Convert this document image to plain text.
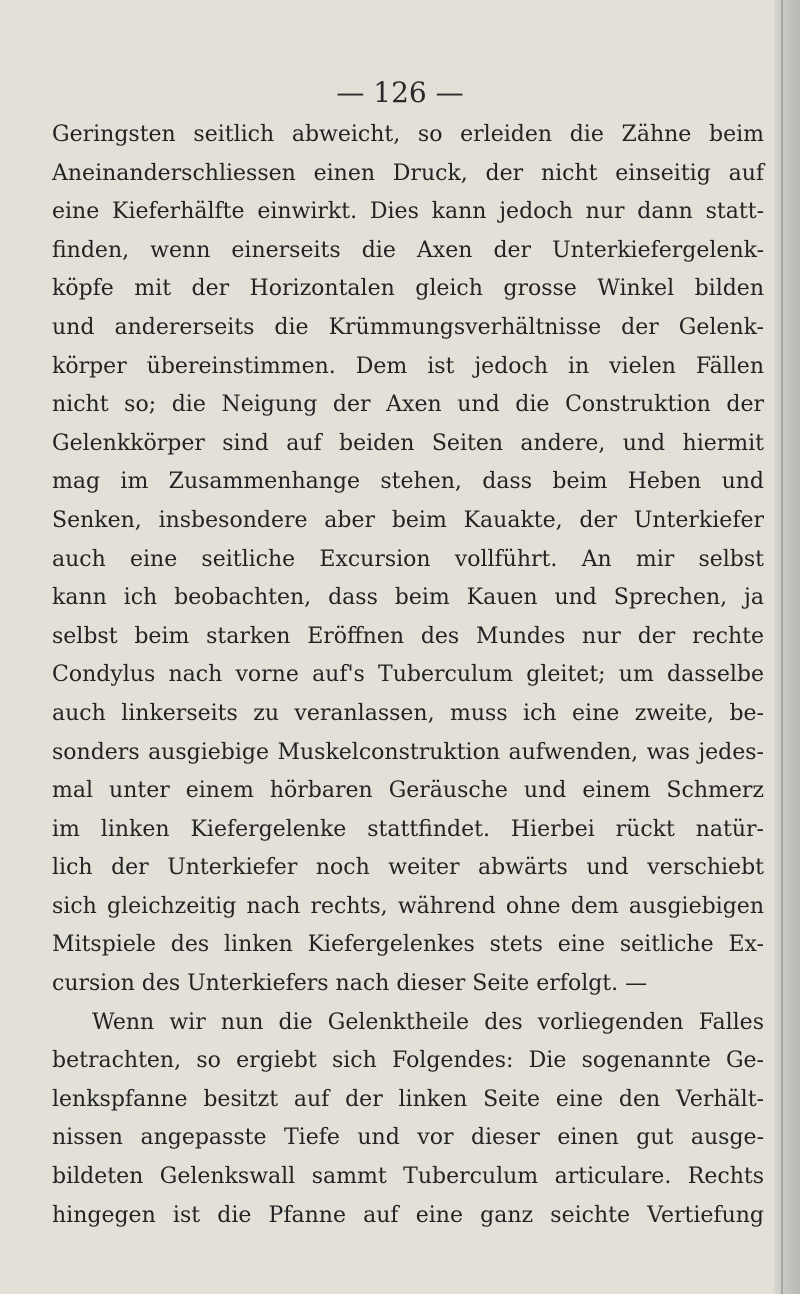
— 126 —

Geringsten seitlich abweicht, so erleiden die Zähne beim
Aneinanderschliessen einen Druck, der nicht einseitig auf
eine Kieferhälfte einwirkt. Dies kann jedoch nur dann statt-
finden, wenn einerseits die Axen der Unterkiefergelenk-
köpfe mit der Horizontalen gleich grosse Winkel bilden
und andererseits die Krümmungsverhältnisse der Gelenk-
körper übereinstimmen. Dem ist jedoch in vielen Fällen
nicht so; die Neigung der Axen und die Construktion der
Gelenkkörper sind auf beiden Seiten andere, und hiermit
mag im Zusammenhange stehen, dass beim Heben und
Senken, insbesondere aber beim Kauakte, der Unterkiefer
auch eine seitliche Excursion vollführt. An mir selbst
kann ich beobachten, dass beim Kauen und Sprechen, ja
selbst beim starken Eröffnen des Mundes nur der rechte
Condylus nach vorne auf's Tuberculum gleitet; um dasselbe
auch linkerseits zu veranlassen, muss ich eine zweite, be-
sonders ausgiebige Muskelconstruktion aufwenden, was jedes-
mal unter einem hörbaren Geräusche und einem Schmerz
im linken Kiefergelenke stattfindet. Hierbei rückt natür-
lich der Unterkiefer noch weiter abwärts und verschiebt
sich gleichzeitig nach rechts, während ohne dem ausgiebigen
Mitspiele des linken Kiefergelenkes stets eine seitliche Ex-
cursion des Unterkiefers nach dieser Seite erfolgt. —
Wenn wir nun die Gelenktheile des vorliegenden Falles
betrachten, so ergiebt sich Folgendes: Die sogenannte Ge-
lenkspfanne besitzt auf der linken Seite eine den Verhält-
nissen angepasste Tiefe und vor dieser einen gut ausge-
bildeten Gelenkswall sammt Tuberculum articulare. Rechts
hingegen ist die Pfanne auf eine ganz seichte Vertiefung
